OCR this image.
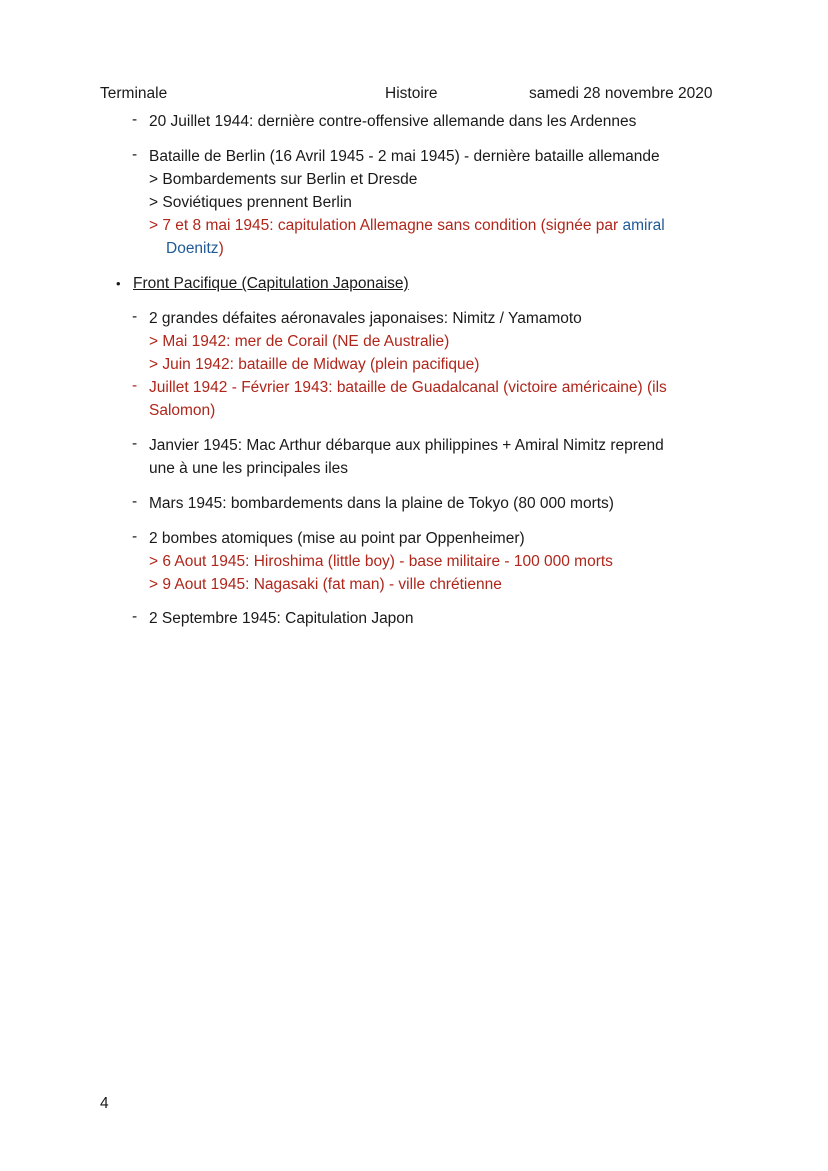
Terminale	Histoire	samedi 28 novembre 2020
-
-
-
-
-
-
-
-
20 Juillet 1944: dernière contre-offensive allemande dans les Ardennes
Bataille de Berlin (16 Avril 1945 - 2 mai 1945) - dernière bataille allemande
> Bombardements sur Berlin et Dresde
> Soviétiques prennent Berlin
> 7 et 8 mai 1945: capitulation Allemagne sans condition (signée par amiral
Doenitz)
• Front Pacifique (Capitulation Japonaise)
2 grandes défaites aéronavales japonaises: Nimitz / Yamamoto
> Mai 1942: mer de Corail (NE de Australie)
> Juin 1942: bataille de Midway (plein pacifique)
Juillet 1942 - Février 1943: bataille de Guadalcanal (victoire américaine) (ils
Salomon)
Janvier 1945: Mac Arthur débarque aux philippines + Amiral Nimitz reprend
une à une les principales iles
Mars 1945: bombardements dans la plaine de Tokyo (80 000 morts)
2 bombes atomiques (mise au point par Oppenheimer)
> 6 Aout 1945: Hiroshima (little boy) - base militaire - 100 000 morts
> 9 Aout 1945: Nagasaki (fat man) - ville chrétienne
2 Septembre 1945: Capitulation Japon
4
